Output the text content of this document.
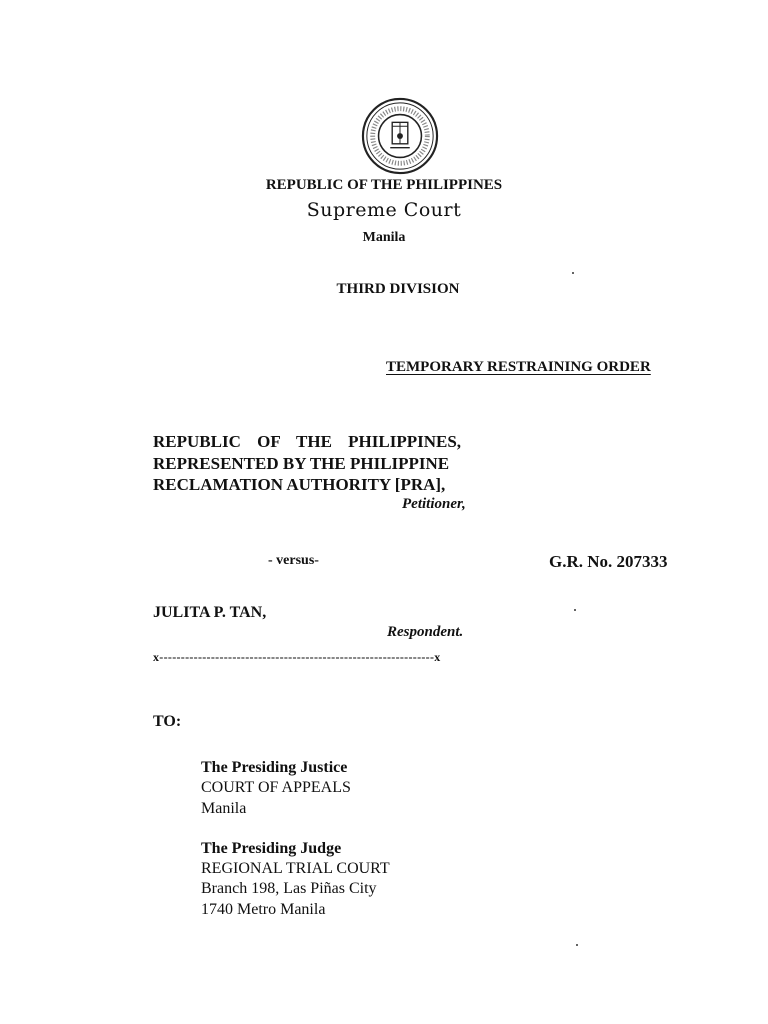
REPUBLIC OF THE PHILIPPINES
Supreme Court
Manila
THIRD DIVISION
TEMPORARY RESTRAINING ORDER
REPUBLIC OF THE PHILIPPINES,
REPRESENTED BY THE PHILIPPINE
RECLAMATION AUTHORITY [PRA],
Petitioner,
- versus-	G.R. No. 207333
JULITA P. TAN,
Respondent.
x----------------------------------------------------------------x
TO:
The Presiding Justice
COURT OF APPEALS
Manila
The Presiding Judge
REGIONAL TRIAL COURT
Branch 198, Las Piñas City
1740 Metro Manila
